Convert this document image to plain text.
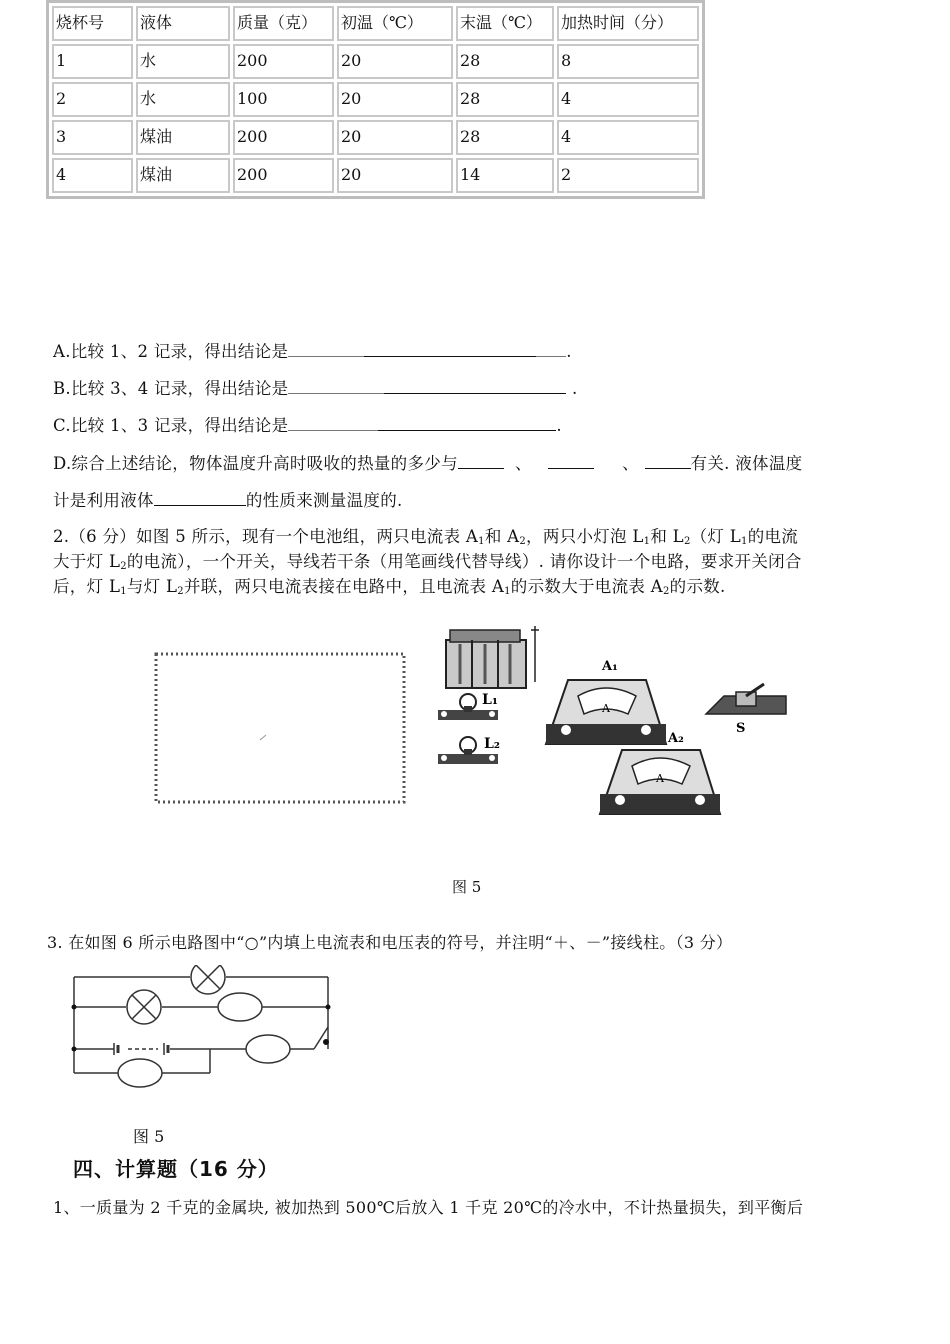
烧杯号	液体	质量（克）	初温（℃）	末温（℃）	加热时间（分）
1	水	200	20	28	8
2	水	100	20	28	4
3	煤油	200	20	28	4
4	煤油	200	20	14	2
A.比较 1、2 记录，得出结论是	.
B.比较 3、4 记录，得出结论是	.
C.比较 1、3 记录，得出结论是	.
D.综合上述结论，物体温度升高时吸收的热量的多少与	、	、	有关. 液体温度
计是利用液体	的性质来测量温度的.
2.（6 分）如图 5 所示，现有一个电池组，两只电流表 $A_1$和 $A_2$，两只小灯泡 $L_1$和 $L_2$（灯 $L_1$的电流
大于灯 $L_2$的电流），一个开关，导线若干条（用笔画线代替导线）. 请你设计一个电路，要求开关闭合
后，灯 $L_1$与灯 $L_2$并联，两只电流表接在电路中，且电流表 $A_1$的示数大于电流表 $A_2$的示数.
L₁
L₂
A₁
A
A₂
A
S
图 5
3. 在如图 6 所示电路图中“○”内填上电流表和电压表的符号，并注明“＋、－”接线柱。（3 分）
图 5
四、计算题（16 分）
1、一质量为 2 千克的金属块, 被加热到 500℃后放入 1 千克 20℃的冷水中，不计热量损失，到平衡后
